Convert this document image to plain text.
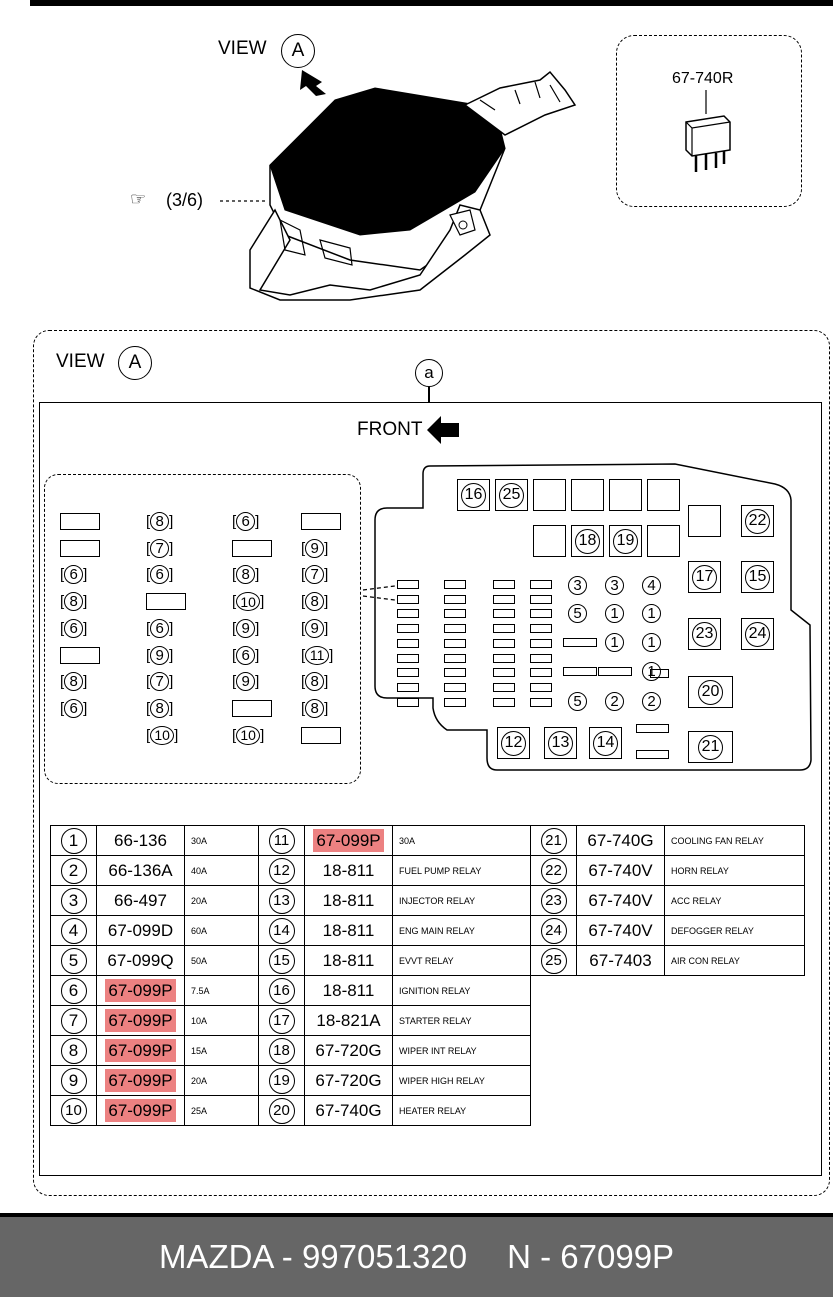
VIEW A
☞ (3/6)
67-740R
VIEW A	a
FRONT
[ 6 ]
[ 8 ]
[ 6 ]
[ 8 ]
[ 6 ]
[ 8 ]
[ 7 ]
[ 6 ]
[ 6 ]
[ 9 ]
[ 7 ]
[ 8 ]
[ 10 ]
[ 6 ]
[ 8 ]
[ 10 ]
[ 9 ]
[ 6 ]
[ 9 ]
[ 10 ]
[ 9 ]
[ 7 ]
[ 8 ]
[ 9 ]
[ 11 ]
[ 8 ]
[ 8 ]
16 25
18 19
22
17 15
23 24
20
21
12 13 14
3 3 4
5 1 1
1 1
1
5 2 2
1	66-136	30A	11	67-099P	30A	21	67-740G	COOLING FAN RELAY
2	66-136A	40A	12	18-811	FUEL PUMP RELAY	22	67-740V	HORN RELAY
3	66-497	20A	13	18-811	INJECTOR RELAY	23	67-740V	ACC RELAY
4	67-099D	60A	14	18-811	ENG MAIN RELAY	24	67-740V	DEFOGGER RELAY
5	67-099Q	50A	15	18-811	EVVT RELAY	25	67-7403	AIR CON RELAY
6	67-099P	7.5A	16	18-811	IGNITION RELAY			
7	67-099P	10A	17	18-821A	STARTER RELAY			
8	67-099P	15A	18	67-720G	WIPER INT RELAY			
9	67-099P	20A	19	67-720G	WIPER HIGH RELAY			
10	67-099P	25A	20	67-740G	HEATER RELAY			
MAZDA - 997051320 N - 67099P
